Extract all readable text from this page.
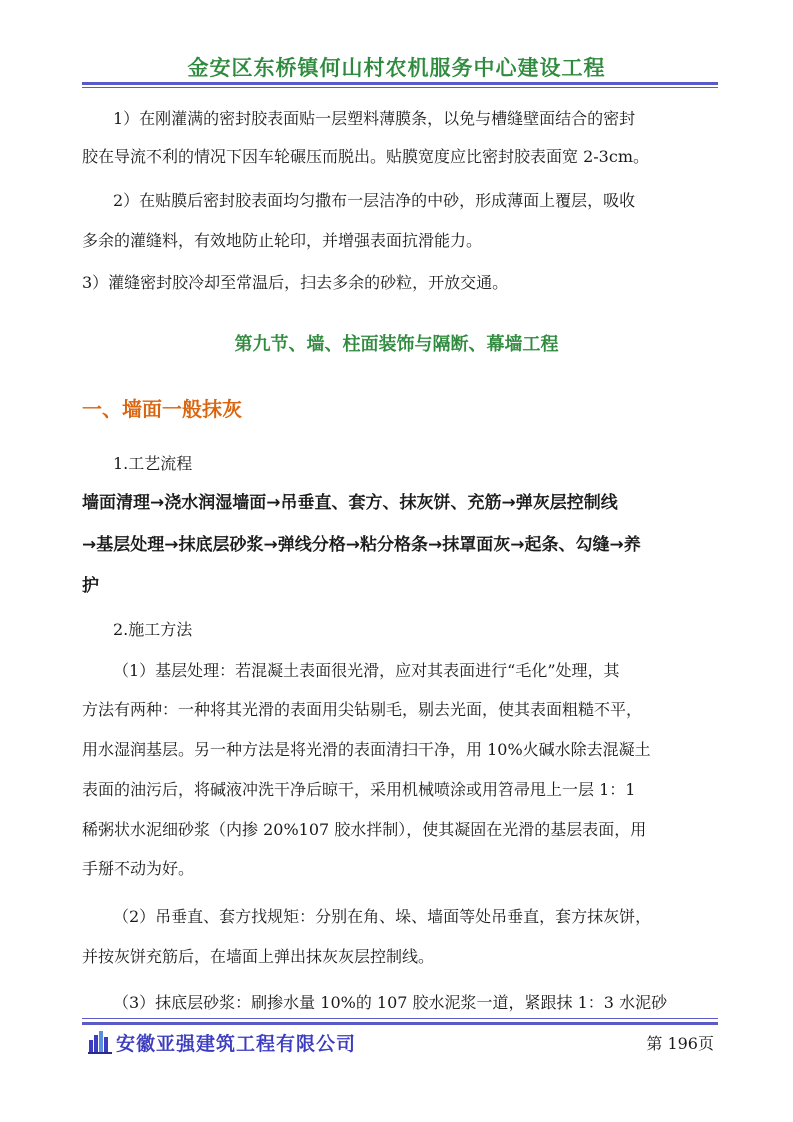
金安区东桥镇何山村农机服务中心建设工程
1）在刚灌满的密封胶表面贴一层塑料薄膜条，以免与槽缝壁面结合的密封
胶在导流不利的情况下因车轮碾压而脱出。贴膜宽度应比密封胶表面宽 2-3cm。
2）在贴膜后密封胶表面均匀撒布一层洁净的中砂，形成薄面上覆层，吸收
多余的灌缝料，有效地防止轮印，并增强表面抗滑能力。
3）灌缝密封胶冷却至常温后，扫去多余的砂粒，开放交通。
第九节、墙、柱面装饰与隔断、幕墙工程
一、墙面一般抹灰
1.工艺流程
墙面清理→浇水润湿墙面→吊垂直、套方、抹灰饼、充筋→弹灰层控制线
→基层处理→抹底层砂浆→弹线分格→粘分格条→抹罩面灰→起条、勾缝→养
护
2.施工方法
（1）基层处理：若混凝土表面很光滑，应对其表面进行“毛化”处理，其
方法有两种：一种将其光滑的表面用尖钻剔毛，剔去光面，使其表面粗糙不平，
用水湿润基层。另一种方法是将光滑的表面清扫干净，用 10%火碱水除去混凝土
表面的油污后，将碱液冲洗干净后晾干，采用机械喷涂或用笤帚甩上一层 1：1
稀粥状水泥细砂浆（内掺 20%107 胶水拌制），使其凝固在光滑的基层表面，用
手掰不动为好。
（2）吊垂直、套方找规矩：分别在角、垛、墙面等处吊垂直，套方抹灰饼，
并按灰饼充筋后，在墙面上弹出抹灰灰层控制线。
（3）抹底层砂浆：刷掺水量 10%的 107 胶水泥浆一道，紧跟抹 1：3 水泥砂
安徽亚强建筑工程有限公司	第 196页
